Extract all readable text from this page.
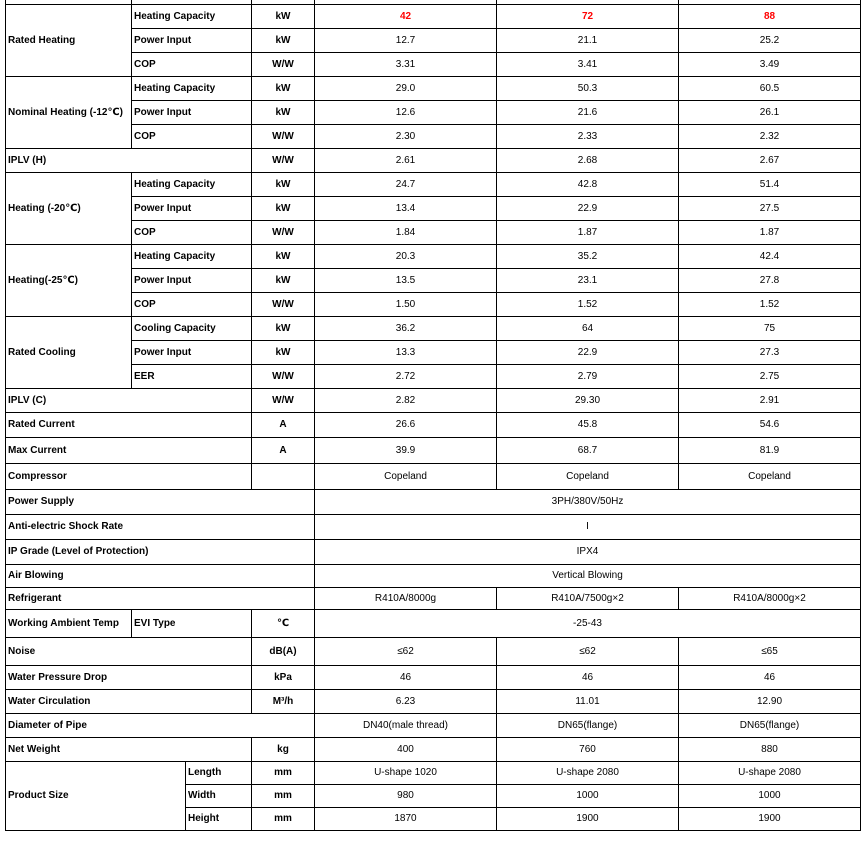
Rated Heating	Heating Capacity		kW	42	72	88
	Power Input		kW	12.7	21.1	25.2
	COP		W/W	3.31	3.41	3.49
Nominal Heating (-12℃)	Heating Capacity		kW	29.0	50.3	60.5
	Power Input		kW	12.6	21.6	26.1
	COP		W/W	2.30	2.33	2.32
IPLV (H)			W/W	2.61	2.68	2.67
Heating (-20℃)	Heating Capacity		kW	24.7	42.8	51.4
	Power Input		kW	13.4	22.9	27.5
	COP		W/W	1.84	1.87	1.87
Heating(-25℃)	Heating Capacity		kW	20.3	35.2	42.4
	Power Input		kW	13.5	23.1	27.8
	COP		W/W	1.50	1.52	1.52
Rated Cooling	Cooling Capacity		kW	36.2	64	75
	Power Input		kW	13.3	22.9	27.3
	EER		W/W	2.72	2.79	2.75
IPLV (C)			W/W	2.82	29.30	2.91
Rated Current			A	26.6	45.8	54.6
Max Current			A	39.9	68.7	81.9
Compressor				Copeland	Copeland	Copeland
Power Supply				3PH/380V/50Hz		
Anti-electric Shock Rate				I		
IP Grade (Level of Protection)				IPX4		
Air Blowing				Vertical Blowing		
Refrigerant				R410A/8000g	R410A/7500g×2	R410A/8000g×2
Working Ambient Temp	EVI Type		℃	-25-43		
Noise			dB(A)	≤62	≤62	≤65
Water Pressure Drop			kPa	46	46	46
Water Circulation			M³/h	6.23	11.01	12.90
Diameter of Pipe				DN40(male thread)	DN65(flange)	DN65(flange)
Net Weight			kg	400	760	880
Product Size		Length	mm	U-shape 1020	U-shape 2080	U-shape 2080
		Width	mm	980	1000	1000
		Height	mm	1870	1900	1900
